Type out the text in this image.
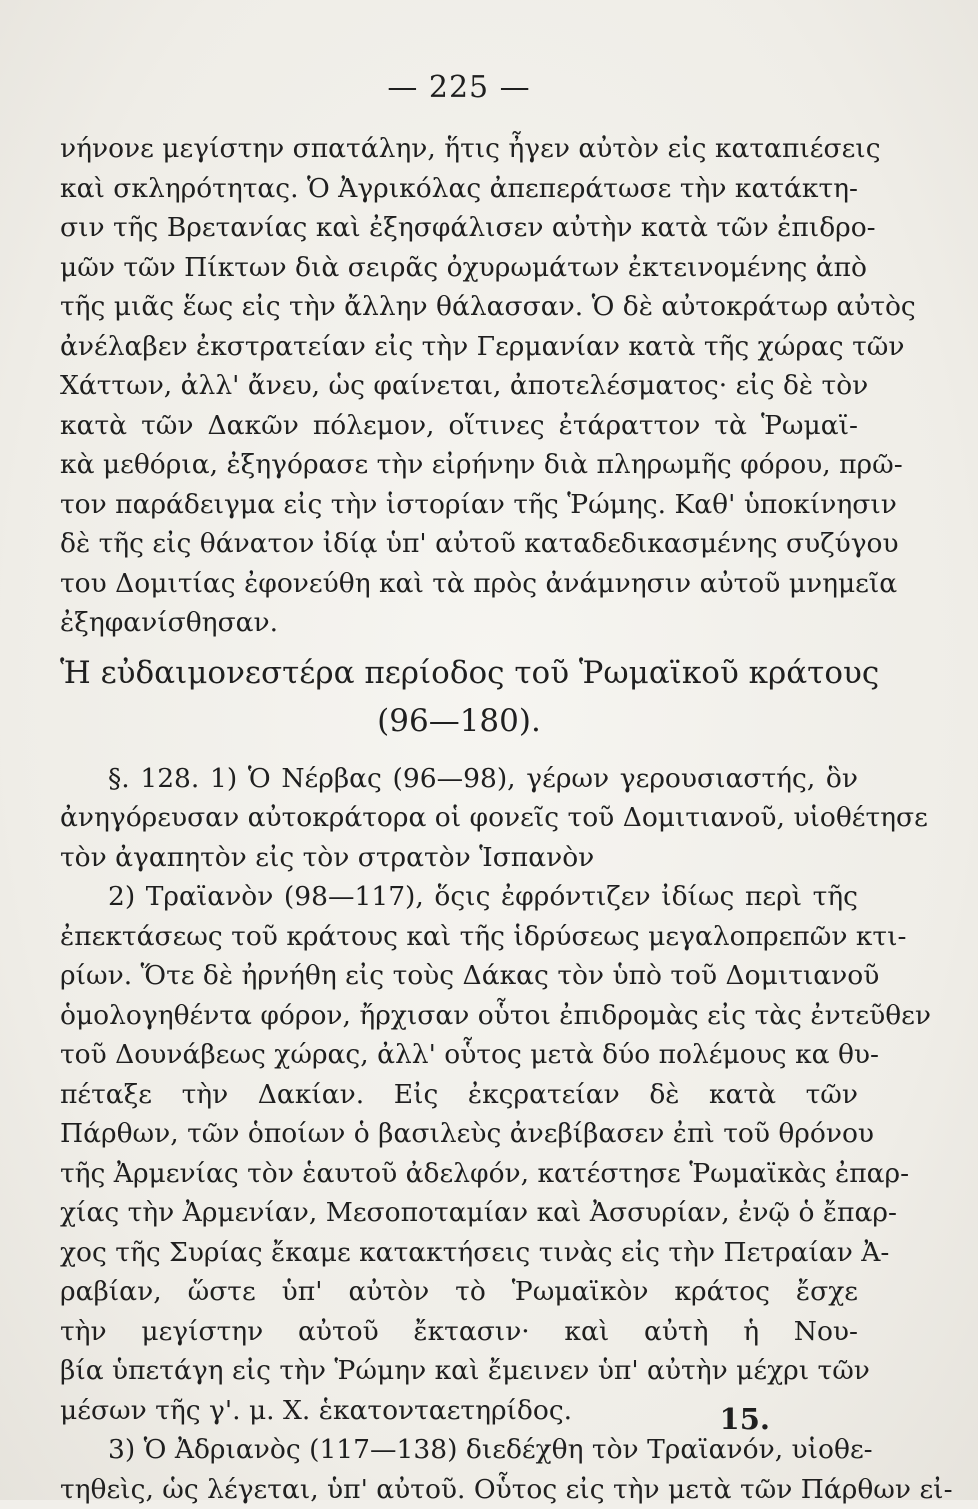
— 225 —

νήνονε μεγίστην σπατάλην, ἥτις ἦγεν αὐτὸν εἰς καταπιέσεις

καὶ σκληρότητας. Ὁ Ἀγρικόλας ἀπεπεράτωσε τὴν κατάκτη-

σιν τῆς Βρετανίας καὶ ἐξησφάλισεν αὐτὴν κατὰ τῶν ἐπιδρο-

μῶν τῶν Πίκτων διὰ σειρᾶς ὀχυρωμάτων ἐκτεινομένης ἀπὸ

τῆς μιᾶς ἕως εἰς τὴν ἄλλην θάλασσαν. Ὁ δὲ αὐτοκράτωρ αὐτὸς

ἀνέλαβεν ἐκστρατείαν εἰς τὴν Γερμανίαν κατὰ τῆς χώρας τῶν

Χάττων, ἀλλ' ἄνευ, ὡς φαίνεται, ἀποτελέσματος· εἰς δὲ τὸν

κατὰ τῶν Δακῶν πόλεμον, οἵτινες ἐτάραττον τὰ Ῥωμαϊ-

κὰ μεθόρια, ἐξηγόρασε τὴν εἰρήνην διὰ πληρωμῆς φόρου, πρῶ-

τον παράδειγμα εἰς τὴν ἱστορίαν τῆς Ῥώμης. Καθ' ὑποκίνησιν

δὲ τῆς εἰς θάνατον ἰδίᾳ ὑπ' αὐτοῦ καταδεδικασμένης συζύγου

του Δομιτίας ἐφονεύθη καὶ τὰ πρὸς ἀνάμνησιν αὐτοῦ μνημεῖα

ἐξηφανίσθησαν.

Ἡ εὐδαιμονεστέρα περίοδος τοῦ Ῥωμαϊκοῦ κράτους

(96—180).

§. 128. 1) Ὁ Νέρβας (96—98), γέρων γερουσιαστής, ὃν

ἀνηγόρευσαν αὐτοκράτορα οἱ φονεῖς τοῦ Δομιτιανοῦ, υἱοθέτησε

τὸν ἀγαπητὸν εἰς τὸν στρατὸν Ἱσπανὸν

2) Τραϊανὸν (98—117), ὅςις ἐφρόντιζεν ἰδίως περὶ τῆς

ἐπεκτάσεως τοῦ κράτους καὶ τῆς ἱδρύσεως μεγαλοπρεπῶν κτι-

ρίων. Ὅτε δὲ ἠρνήθη εἰς τοὺς Δάκας τὸν ὑπὸ τοῦ Δομιτιανοῦ

ὁμολογηθέντα φόρον, ἤρχισαν οὗτοι ἐπιδρομὰς εἰς τὰς ἐντεῦθεν

τοῦ Δουνάβεως χώρας, ἀλλ' οὗτος μετὰ δύο πολέμους κα θυ-

πέταξε τὴν Δακίαν. Εἰς ἐκςρατείαν δὲ κατὰ τῶν

Πάρθων, τῶν ὁποίων ὁ βασιλεὺς ἀνεβίβασεν ἐπὶ τοῦ θρόνου

τῆς Ἀρμενίας τὸν ἑαυτοῦ ἀδελφόν, κατέστησε Ῥωμαϊκὰς ἐπαρ-

χίας τὴν Ἀρμενίαν, Μεσοποταμίαν καὶ Ἀσσυρίαν, ἐνῷ ὁ ἔπαρ-

χος τῆς Συρίας ἔκαμε κατακτήσεις τινὰς εἰς τὴν Πετραίαν Ἀ-

ραβίαν, ὥστε ὑπ' αὐτὸν τὸ Ῥωμαϊκὸν κράτος ἔσχε

τὴν μεγίστην αὐτοῦ ἔκτασιν· καὶ αὐτὴ ἡ Νου-

βία ὑπετάγη εἰς τὴν Ῥώμην καὶ ἔμεινεν ὑπ' αὐτὴν μέχρι τῶν

μέσων τῆς γ'. μ. Χ. ἑκατονταετηρίδος.

3) Ὁ Ἀδριανὸς (117—138) διεδέχθη τὸν Τραϊανόν, υἱοθε-

τηθεὶς, ὡς λέγεται, ὑπ' αὐτοῦ. Οὗτος εἰς τὴν μετὰ τῶν Πάρθων εἰ-

15.
